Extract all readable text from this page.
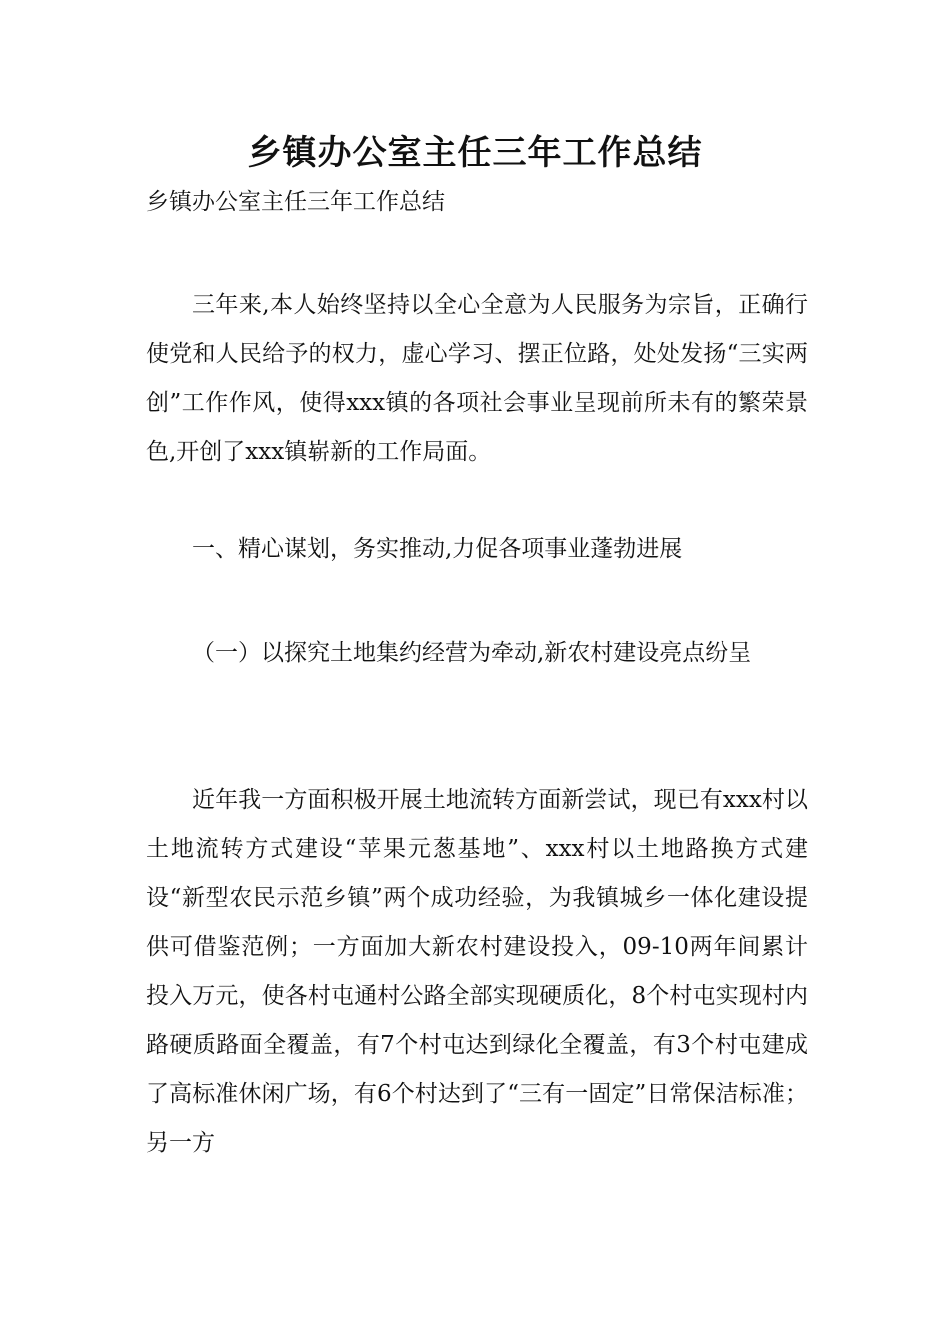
乡镇办公室主任三年工作总结
乡镇办公室主任三年工作总结

三年来,本人始终坚持以全心全意为人民服务为宗旨，正确行使党和人民给予的权力，虚心学习、摆正位路，处处发扬“三实两创”工作作风，使得xxx镇的各项社会事业呈现前所未有的繁荣景色,开创了xxx镇崭新的工作局面。

一、精心谋划，务实推动,力促各项事业蓬勃进展

（一）以探究土地集约经营为牵动,新农村建设亮点纷呈

近年我一方面积极开展土地流转方面新尝试，现已有xxx村以土地流转方式建设“苹果元葱基地”、xxx村以土地路换方式建设“新型农民示范乡镇”两个成功经验，为我镇城乡一体化建设提供可借鉴范例；一方面加大新农村建设投入，09-10两年间累计投入万元，使各村屯通村公路全部实现硬质化，8个村屯实现村内路硬质路面全覆盖，有7个村屯达到绿化全覆盖，有3个村屯建成了高标准休闲广场，有6个村达到了“三有一固定”日常保洁标准；另一方
